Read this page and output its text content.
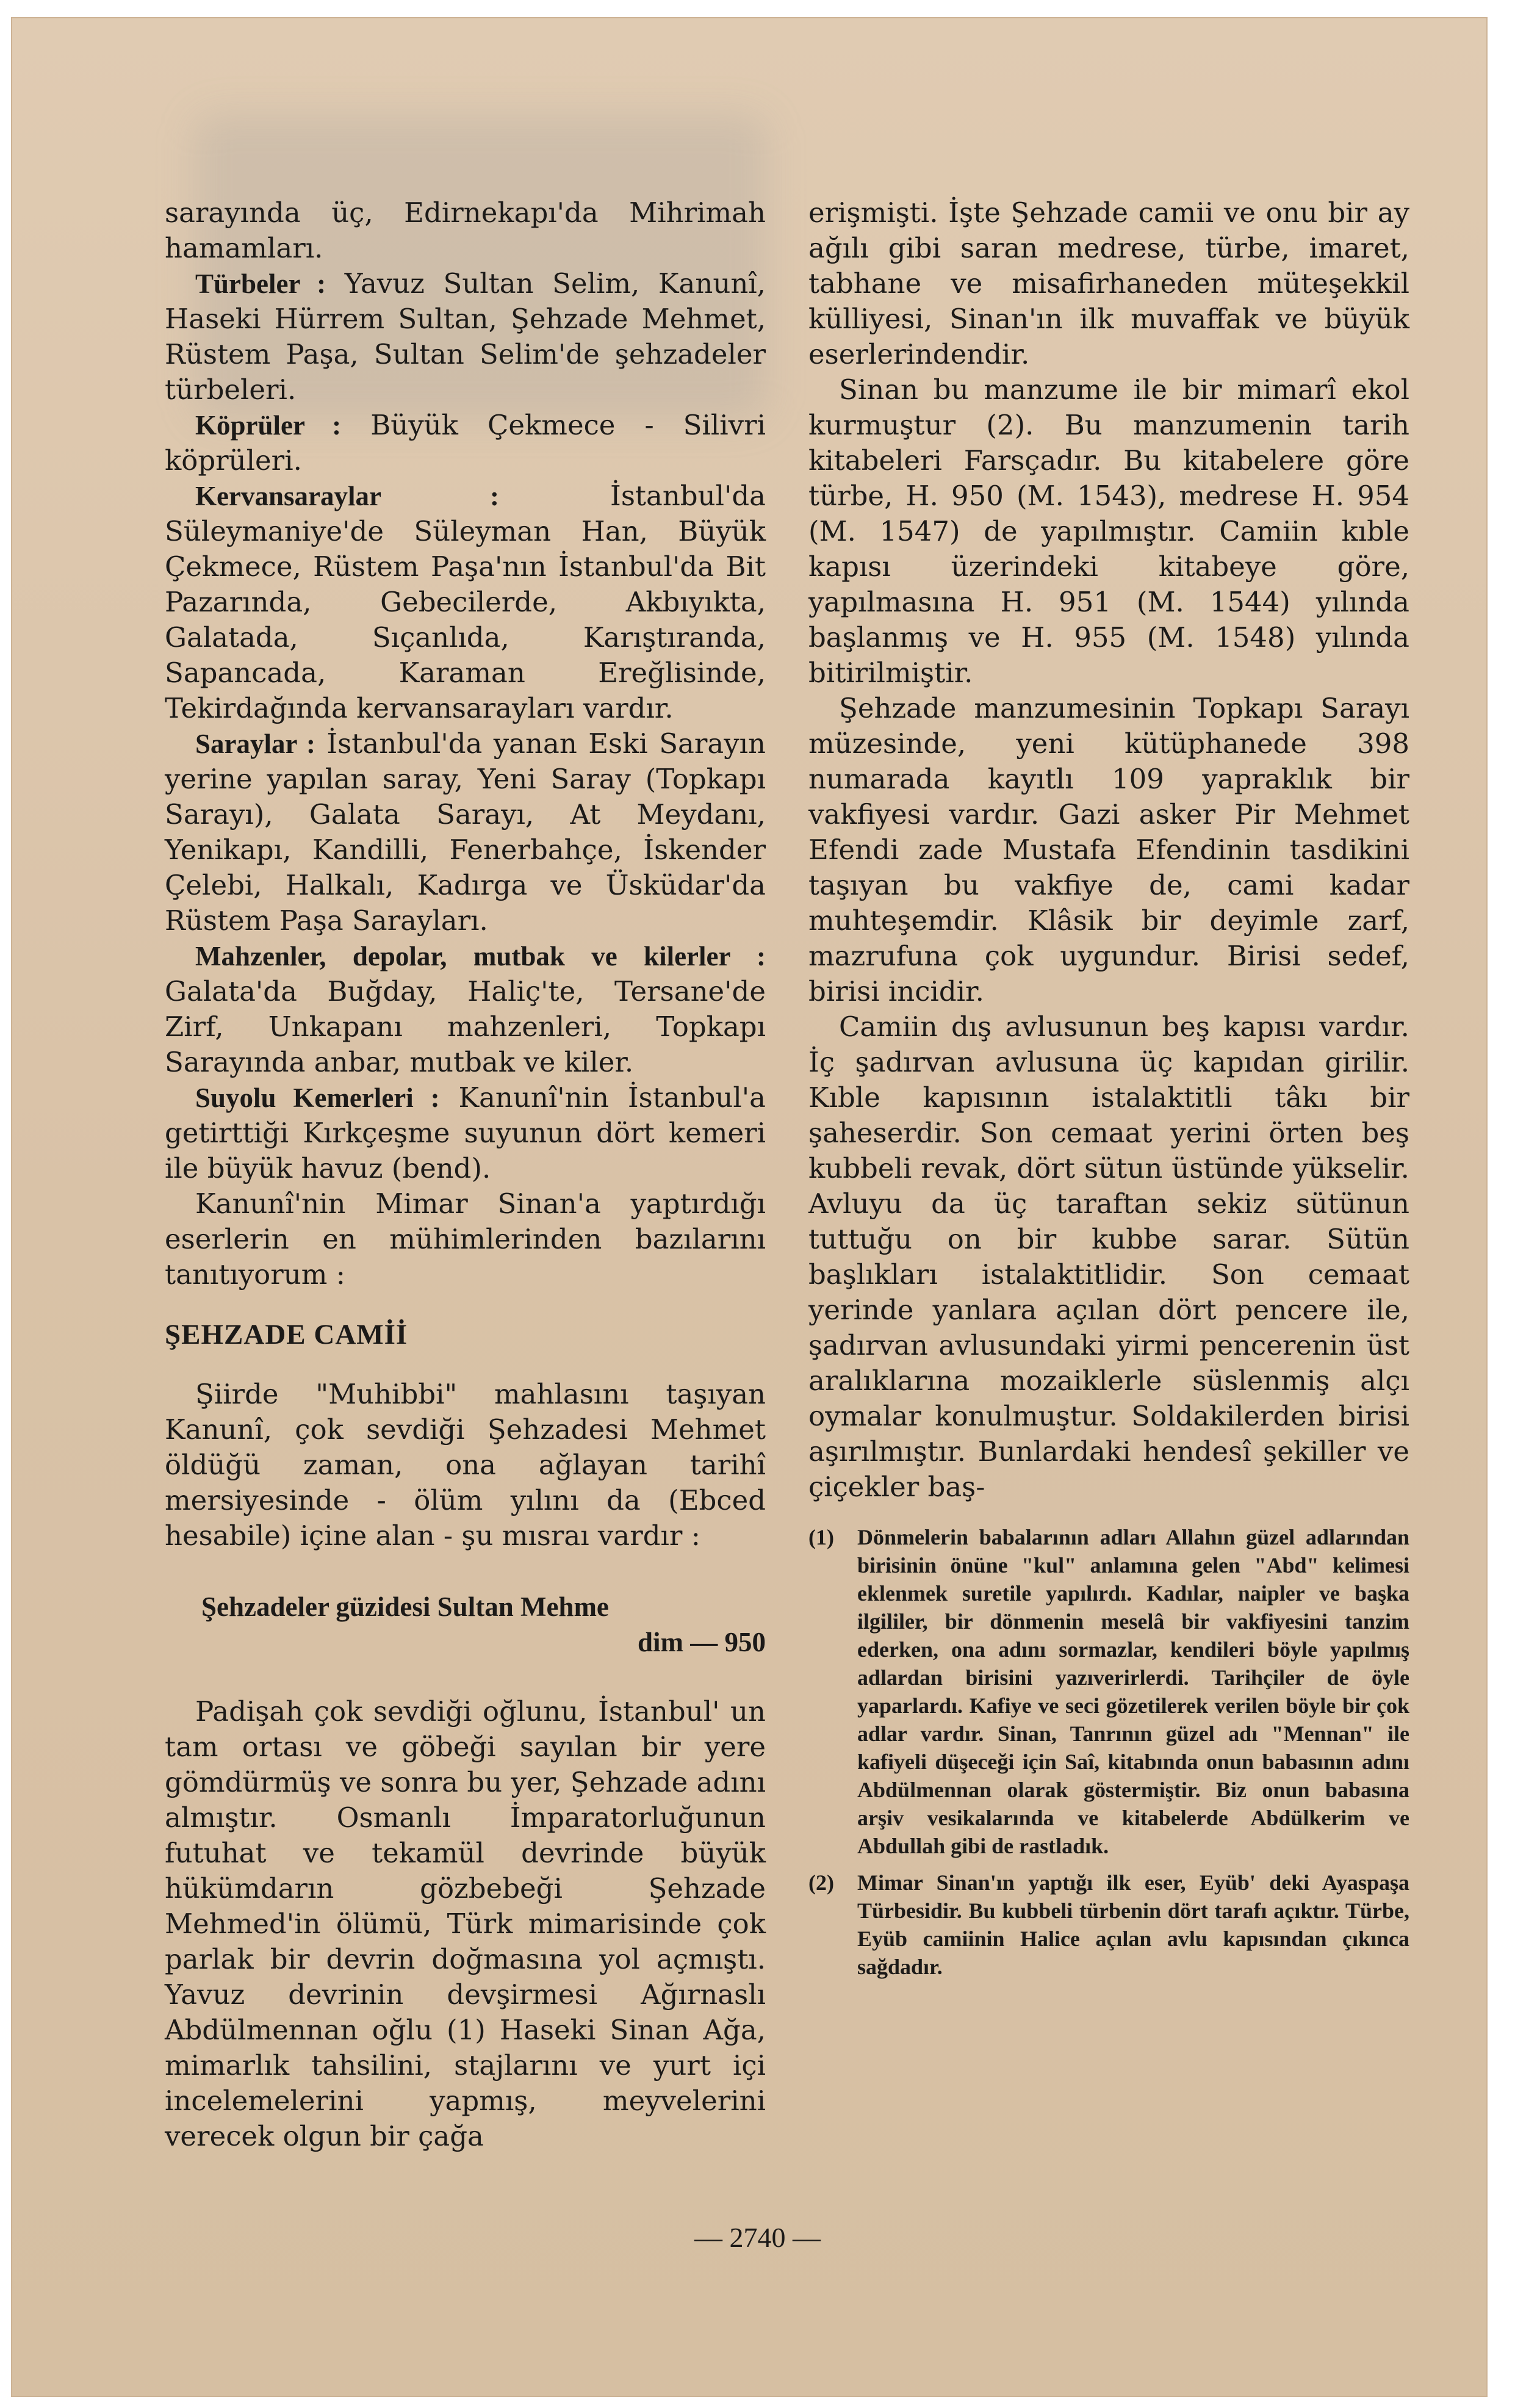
sarayında üç, Edirnekapı'da Mihrimah hamamları.

Türbeler : Yavuz Sultan Selim, Kanunî, Haseki Hürrem Sultan, Şehzade Mehmet, Rüstem Paşa, Sultan Selim'de şehzadeler türbeleri.

Köprüler : Büyük Çekmece - Silivri köprüleri.

Kervansaraylar :	İstanbul'da Süleymaniye'de Süleyman Han, Büyük Çekmece, Rüstem Paşa'nın İstanbul'da Bit Pazarında, Gebecilerde, Akbıyıkta, Galatada, Sıçanlıda, Karıştıranda, Sapancada, Karaman Ereğlisinde, Tekirdağında kervansarayları vardır.

Saraylar : İstanbul'da yanan Eski Sarayın yerine yapılan saray, Yeni Saray (Topkapı Sarayı), Galata Sarayı, At Meydanı, Yenikapı, Kandilli, Fenerbahçe, İskender Çelebi, Halkalı, Kadırga ve Üsküdar'da Rüstem Paşa Sarayları.

Mahzenler, depolar, mutbak ve kilerler : Galata'da Buğday, Haliç'te, Tersane'de Zirf, Unkapanı mahzenleri, Topkapı Sarayında anbar, mutbak ve kiler.

Suyolu Kemerleri : Kanunî'nin İstanbul'a getirttiği Kırkçeşme suyunun dört kemeri ile büyük havuz (bend).

Kanunî'nin Mimar Sinan'a yaptırdığı eserlerin en mühimlerinden bazılarını tanıtıyorum :

ŞEHZADE CAMİİ

Şiirde "Muhibbi" mahlasını taşıyan Kanunî, çok sevdiği Şehzadesi Mehmet öldüğü zaman, ona ağlayan tarihî mersiyesinde - ölüm yılını da (Ebced hesabile) içine alan - şu mısraı vardır :

Şehzadeler güzidesi Sultan Mehme
dim — 950

Padişah çok sevdiği oğlunu, İstanbul' un tam ortası ve göbeği sayılan bir yere gömdürmüş ve sonra bu yer, Şehzade adını almıştır. Osmanlı İmparatorluğunun futuhat ve tekamül devrinde büyük hükümdarın gözbebeği Şehzade Mehmed'in ölümü, Türk mimarisinde çok parlak bir devrin doğmasına yol açmıştı. Yavuz devrinin devşirmesi Ağırnaslı Abdülmennan oğlu (1) Haseki Sinan Ağa, mimarlık tahsilini, stajlarını ve yurt içi incelemelerini yapmış, meyvelerini verecek olgun bir çağa

erişmişti. İşte Şehzade camii ve onu bir ay ağılı gibi saran medrese, türbe, imaret, tabhane ve misafirhaneden müteşekkil külliyesi, Sinan'ın ilk muvaffak ve büyük eserlerindendir.

Sinan bu manzume ile bir mimarî ekol kurmuştur (2). Bu manzumenin tarih kitabeleri Farsçadır. Bu kitabelere göre türbe, H. 950 (M. 1543), medrese H. 954 (M. 1547) de yapılmıştır. Camiin kıble kapısı üzerindeki kitabeye göre, yapılmasına H. 951 (M. 1544) yılında başlanmış ve H. 955 (M. 1548) yılında bitirilmiştir.

Şehzade manzumesinin Topkapı Sarayı müzesinde, yeni kütüphanede 398 numarada kayıtlı 109 yapraklık bir vakfiyesi vardır. Gazi asker Pir Mehmet Efendi zade Mustafa Efendinin tasdikini taşıyan bu vakfiye de, cami kadar muhteşemdir. Klâsik bir deyimle zarf, mazrufuna çok uygundur. Birisi sedef, birisi incidir.

Camiin dış avlusunun beş kapısı vardır. İç şadırvan avlusuna üç kapıdan girilir. Kıble kapısının istalaktitli tâkı bir şaheserdir. Son cemaat yerini örten beş kubbeli revak, dört sütun üstünde yükselir. Avluyu da üç taraftan sekiz sütünun tuttuğu on bir kubbe sarar. Sütün başlıkları istalaktitlidir. Son cemaat yerinde yanlara açılan dört pencere ile, şadırvan avlusundaki yirmi pencerenin üst aralıklarına mozaiklerle süslenmiş alçı oymalar konulmuştur. Soldakilerden birisi aşırılmıştır. Bunlardaki hendesî şekiller ve çiçekler baş-

(1)	Dönmelerin babalarının adları Allahın güzel adlarından birisinin önüne "kul" anlamına gelen "Abd" kelimesi eklenmek suretile yapılırdı. Kadılar, naipler ve başka ilgililer, bir dönmenin meselâ bir vakfiyesini tanzim ederken, ona adını sormazlar, kendileri böyle yapılmış adlardan birisini yazıverirlerdi. Tarihçiler de öyle yaparlardı. Kafiye ve seci gözetilerek verilen böyle bir çok adlar vardır. Sinan, Tanrının güzel adı "Mennan" ile kafiyeli düşeceği için Saî, kitabında onun babasının adını Abdülmennan olarak göstermiştir. Biz onun babasına arşiv vesikalarında ve kitabelerde Abdülkerim ve Abdullah gibi de rastladık.
(2)	Mimar Sinan'ın yaptığı ilk eser, Eyüb' deki Ayaspaşa Türbesidir. Bu kubbeli türbenin dört tarafı açıktır. Türbe, Eyüb camiinin Halice açılan avlu kapısından çıkınca sağdadır.
— 2740 —
